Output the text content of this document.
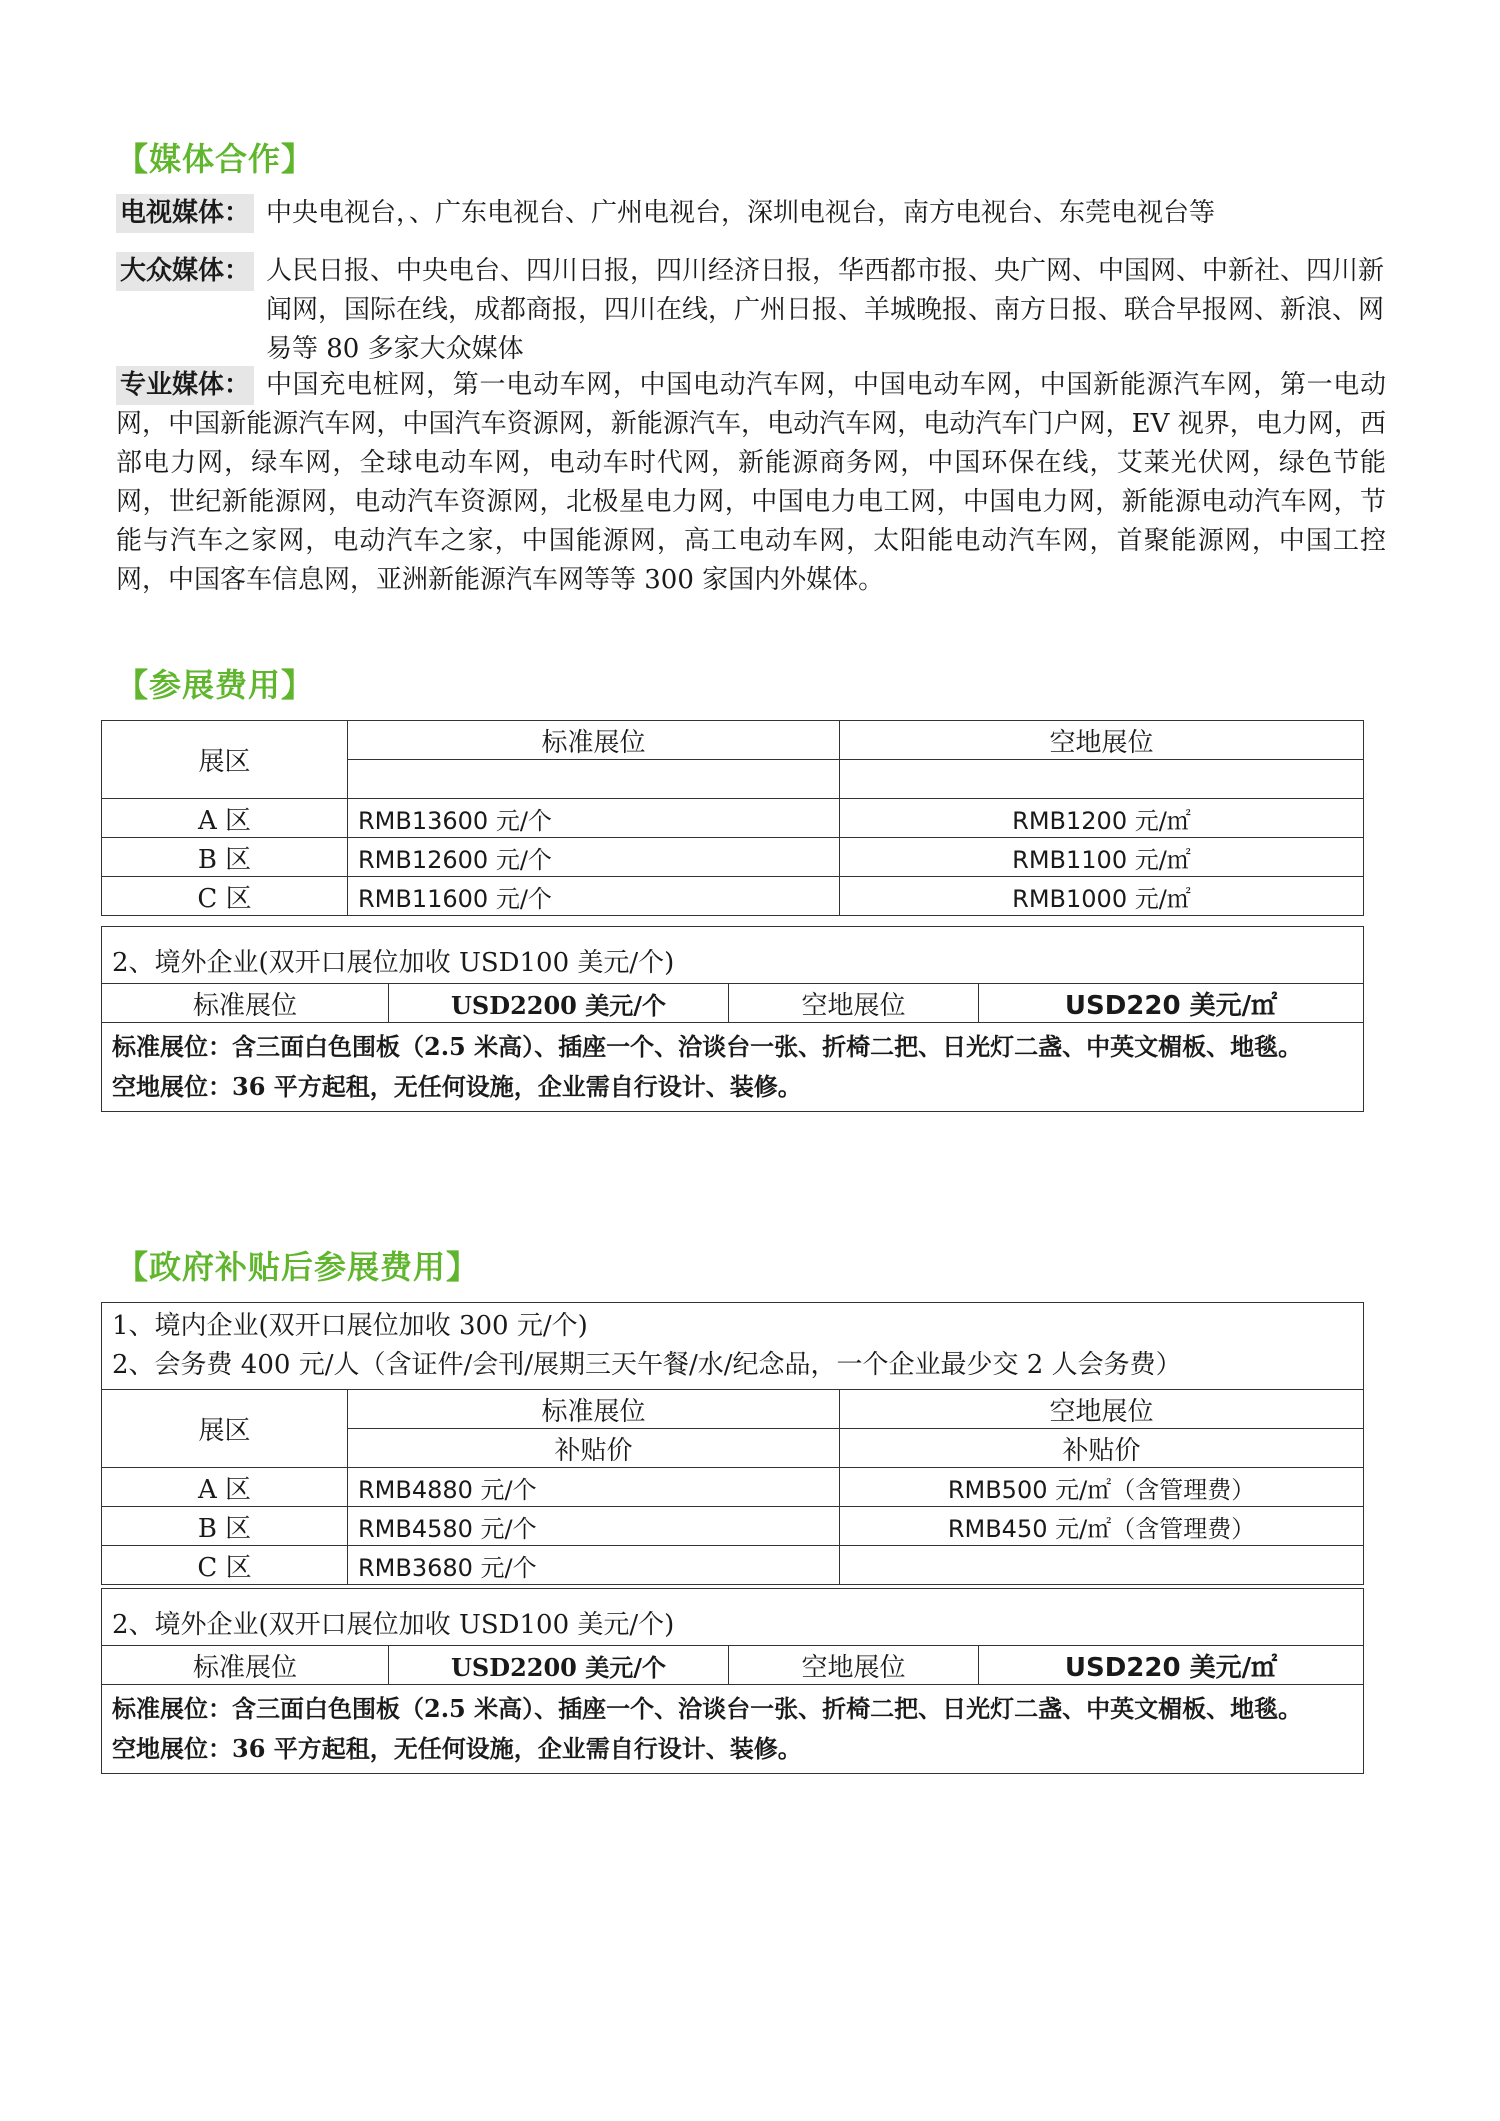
【媒体合作】
电视媒体： 中央电视台，、广东电视台、广州电视台，深圳电视台，南方电视台、东莞电视台等
大众媒体： 人民日报、中央电台、四川日报，四川经济日报，华西都市报、央广网、中国网、中新社、四川新闻网，国际在线，成都商报，四川在线，广州日报、羊城晚报、南方日报、联合早报网、新浪、网易等 80 多家大众媒体
专业媒体： 中国充电桩网，第一电动车网，中国电动汽车网，中国电动车网，中国新能源汽车网，第一电动网，中国新能源汽车网，中国汽车资源网，新能源汽车，电动汽车网，电动汽车门户网，EV 视界，电力网，西部电力网，绿车网，全球电动车网，电动车时代网，新能源商务网，中国环保在线，艾莱光伏网，绿色节能网，世纪新能源网，电动汽车资源网，北极星电力网，中国电力电工网，中国电力网，新能源电动汽车网，节能与汽车之家网，电动汽车之家，中国能源网，高工电动车网，太阳能电动汽车网，首聚能源网，中国工控网，中国客车信息网，亚洲新能源汽车网等等 300 家国内外媒体。
【参展费用】
展区	标准展位	空地展位

A 区	RMB13600 元/个	RMB1200 元/㎡
B 区	RMB12600 元/个	RMB1100 元/㎡
C 区	RMB11600 元/个	RMB1000 元/㎡
2、境外企业(双开口展位加收 USD100 美元/个)
标准展位	USD2200 美元/个	空地展位	USD220 美元/㎡
标准展位：含三面白色围板（2.5 米高）、插座一个、洽谈台一张、折椅二把、日光灯二盏、中英文楣板、地毯。
空地展位：36 平方起租，无任何设施，企业需自行设计、装修。
【政府补贴后参展费用】
1、境内企业(双开口展位加收 300 元/个)
2、会务费 400 元/人（含证件/会刊/展期三天午餐/水/纪念品，一个企业最少交 2 人会务费）		
展区	标准展位	空地展位
	补贴价	补贴价
A 区	RMB4880 元/个	RMB500 元/㎡（含管理费）
B 区	RMB4580 元/个	RMB450 元/㎡（含管理费）
C 区	RMB3680 元/个	
2、境外企业(双开口展位加收 USD100 美元/个)
标准展位	USD2200 美元/个	空地展位	USD220 美元/㎡
标准展位：含三面白色围板（2.5 米高）、插座一个、洽谈台一张、折椅二把、日光灯二盏、中英文楣板、地毯。
空地展位：36 平方起租，无任何设施，企业需自行设计、装修。
